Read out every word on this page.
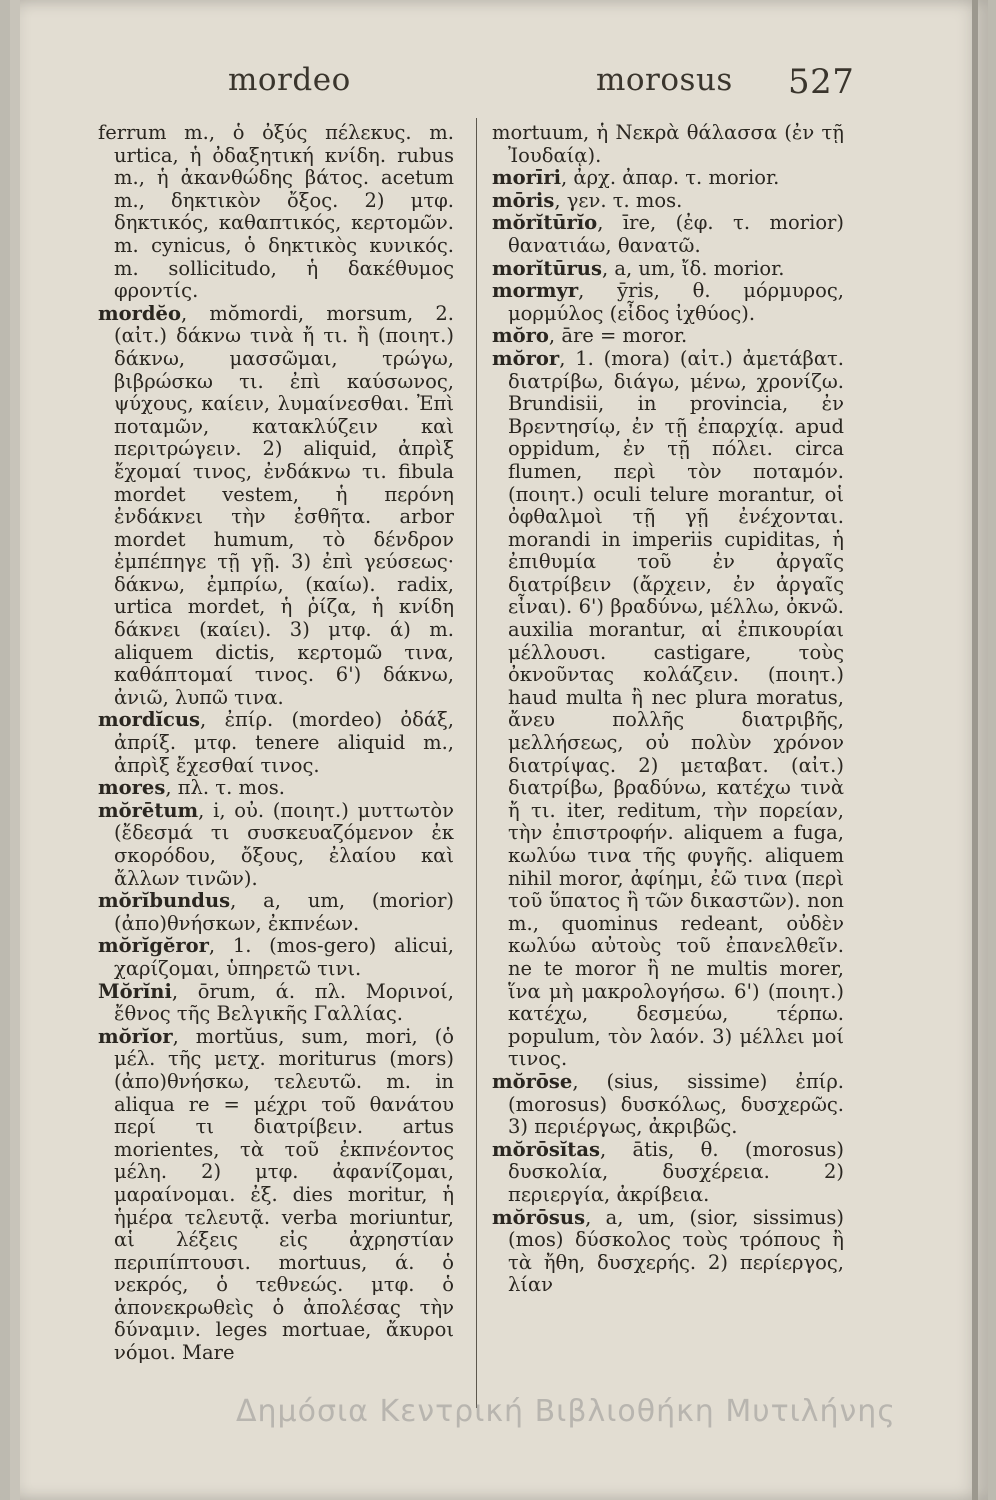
mordeo	morosus 527

ferrum m., ὁ ὀξύς πέλεκυς. m. urtica, ἡ ὀδαξητική κνίδη. rubus m., ἡ ἀκανθώδης βάτος. acetum m., δηκτικὸν ὄξος. 2) μτφ. δηκτικός, καθαπτικός, κερτομῶν. m. cynicus, ὁ δηκτικὸς κυνικός. m. sollicitudo, ἡ δακέθυμος φροντίς.

mordĕo, mŏmordi, morsum, 2. (αἰτ.) δάκνω τινὰ ἤ τι. ἢ (ποιητ.) δάκνω, μασσῶμαι, τρώγω, βιβρώσκω τι. ἐπὶ καύσωνος, ψύχους, καίειν, λυμαίνεσθαι. Ἐπὶ ποταμῶν, κατακλύζειν καὶ περιτρώγειν. 2) aliquid, ἀπρὶξ ἔχομαί τινος, ἐνδάκνω τι. fibula mordet vestem, ἡ περόνη ἐνδάκνει τὴν ἐσθῆτα. arbor mordet humum, τὸ δένδρον ἐμπέπηγε τῇ γῇ. 3) ἐπὶ γεύσεως· δάκνω, ἐμπρίω, (καίω). radix, urtica mordet, ἡ ῥίζα, ἡ κνίδη δάκνει (καίει). 3) μτφ. ά) m. aliquem dictis, κερτομῶ τινα, καθάπτομαί τινος. 6') δάκνω, ἀνιῶ, λυπῶ τινα.

mordĭcus, ἐπίρ. (mordeo) ὀδάξ, ἀπρίξ. μτφ. tenere aliquid m., ἀπρὶξ ἔχεσθαί τινος.

mores, πλ. τ. mos.

mŏrētum, i, οὐ. (ποιητ.) μυττωτὸν (ἔδεσμά τι συσκευαζόμενον ἐκ σκορόδου, ὄξους, ἐλαίου καὶ ἄλλων τινῶν).

mŏrĭbundus, a, um, (morior) (ἀπο)θνήσκων, ἐκπνέων.

mŏrĭgĕror, 1. (mos-gero) alicui, χαρίζομαι, ὑπηρετῶ τινι.

Mŏrĭni, ōrum, ά. πλ. Μορινοί, ἔθνος τῆς Βελγικῆς Γαλλίας.

mŏrĭor, mortŭus, sum, mori, (ὁ μέλ. τῆς μετχ. moriturus (mors) (ἀπο)θνήσκω, τελευτῶ. m. in aliqua re = μέχρι τοῦ θανάτου περί τι διατρίβειν. artus morientes, τὰ τοῦ ἐκπνέοντος μέλη. 2) μτφ. ἀφανίζομαι, μαραίνομαι. ἐξ. dies moritur, ἡ ἡμέρα τελευτᾷ. verba moriuntur, αἱ λέξεις εἰς ἀχρηστίαν περιπίπτουσι. mortuus, ά. ὁ νεκρός, ὁ τεθνεώς. μτφ. ὁ ἀπονεκρωθεὶς ὁ ἀπολέσας τὴν δύναμιν. leges mortuae, ἄκυροι νόμοι. Mare

mortuum, ἡ Νεκρὰ θάλασσα (ἐν τῇ Ἰουδαίᾳ).

morīri, ἀρχ. ἀπαρ. τ. morior.

mōris, γεν. τ. mos.

mŏrĭtūrĭo, īre, (ἐφ. τ. morior) θανατιάω, θανατῶ.

morĭtūrus, a, um, ἴδ. morior.

mormyr, ȳris, θ. μόρμυρος, μορμύλος (εἶδος ἰχθύος).

mŏro, āre = moror.

mŏror, 1. (mora) (αἰτ.) ἀμετάβατ. διατρίβω, διάγω, μένω, χρονίζω. Brundisii, in provincia, ἐν Βρεντησίῳ, ἐν τῇ ἐπαρχίᾳ. apud oppidum, ἐν τῇ πόλει. circa flumen, περὶ τὸν ποταμόν. (ποιητ.) oculi telure morantur, οἱ ὀφθαλμοὶ τῇ γῇ ἐνέχονται. morandi in imperiis cupiditas, ἡ ἐπιθυμία τοῦ ἐν ἀργαῖς διατρίβειν (ἄρχειν, ἐν ἀργαῖς εἶναι). 6') βραδύνω, μέλλω, ὀκνῶ. auxilia morantur, αἱ ἐπικουρίαι μέλλουσι. castigare, τοὺς ὀκνοῦντας κολάζειν. (ποιητ.) haud multa ἢ nec plura moratus, ἄνευ πολλῆς διατριβῆς, μελλήσεως, οὐ πολὺν χρόνον διατρίψας. 2) μεταβατ. (αἰτ.) διατρίβω, βραδύνω, κατέχω τινὰ ἤ τι. iter, reditum, τὴν πορείαν, τὴν ἐπιστροφήν. aliquem a fuga, κωλύω τινα τῆς φυγῆς. aliquem nihil moror, ἀφίημι, ἐῶ τινα (περὶ τοῦ ὕπατος ἢ τῶν δικαστῶν). non m., quominus redeant, οὐδὲν κωλύω αὐτοὺς τοῦ ἐπανελθεῖν. ne te moror ἢ ne multis morer, ἵνα μὴ μακρολογήσω. 6') (ποιητ.) κατέχω, δεσμεύω, τέρπω. populum, τὸν λαόν. 3) μέλλει μοί τινος.

mŏrōse, (sius, sissime) ἐπίρ. (morosus) δυσκόλως, δυσχερῶς. 3) περιέργως, ἀκριβῶς.

mŏrōsĭtas, ātis, θ. (morosus) δυσκολία, δυσχέρεια. 2) περιεργία, ἀκρίβεια.

mŏrōsus, a, um, (sior, sissimus) (mos) δύσκολος τοὺς τρόπους ἢ τὰ ἤθη, δυσχερής. 2) περίεργος, λίαν

Δημόσια Κεντρική Βιβλιοθήκη Μυτιλήνης
